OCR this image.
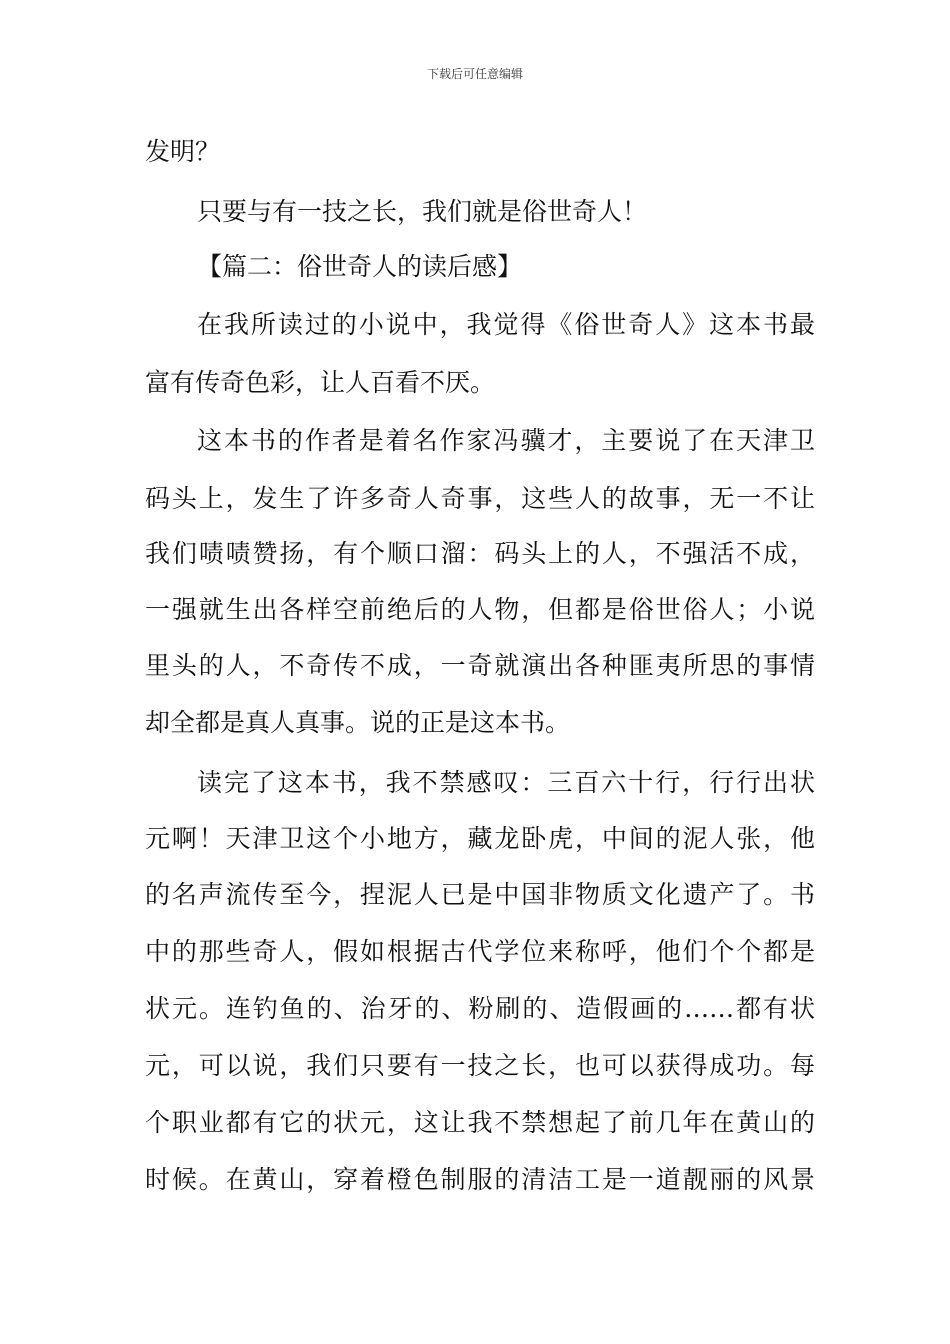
下载后可任意编辑
发明？
只要与有一技之长，我们就是俗世奇人！
【篇二：俗世奇人的读后感】
在我所读过的小说中，我觉得《俗世奇人》这本书最
富有传奇色彩，让人百看不厌。
这本书的作者是着名作家冯骥才，主要说了在天津卫
码头上，发生了许多奇人奇事，这些人的故事，无一不让
我们啧啧赞扬，有个顺口溜：码头上的人，不强活不成，
一强就生出各样空前绝后的人物，但都是俗世俗人；小说
里头的人，不奇传不成，一奇就演出各种匪夷所思的事情
却全都是真人真事。说的正是这本书。
读完了这本书，我不禁感叹：三百六十行，行行出状
元啊！天津卫这个小地方，藏龙卧虎，中间的泥人张，他
的名声流传至今，捏泥人已是中国非物质文化遗产了。书
中的那些奇人，假如根据古代学位来称呼，他们个个都是
状元。连钓鱼的、治牙的、粉刷的、造假画的……都有状
元，可以说，我们只要有一技之长，也可以获得成功。每
个职业都有它的状元，这让我不禁想起了前几年在黄山的
时候。在黄山，穿着橙色制服的清洁工是一道靓丽的风景
